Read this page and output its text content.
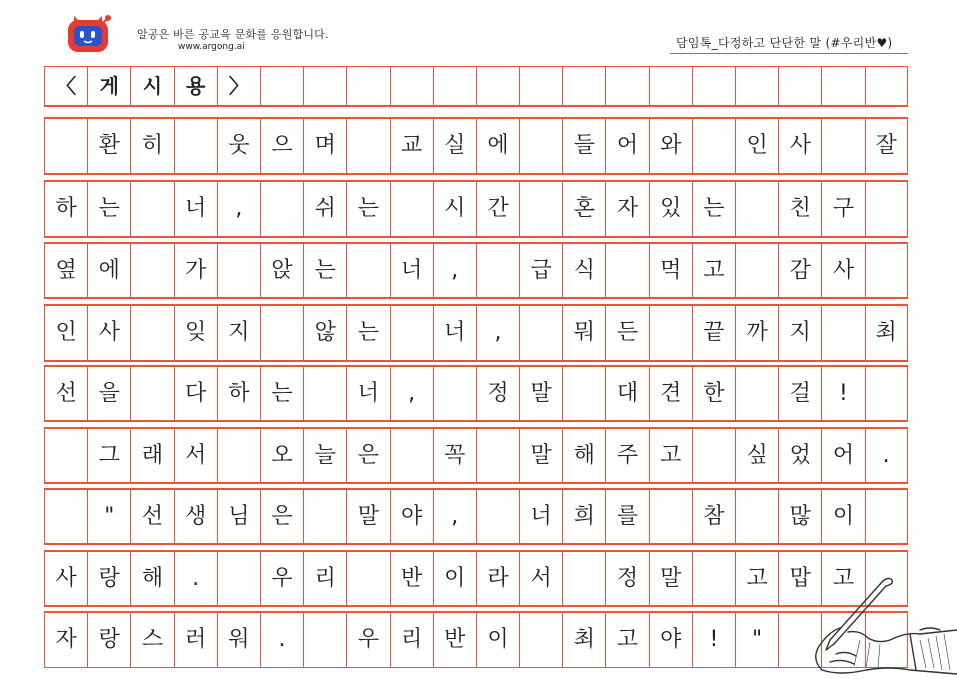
알공은 바른 공교육 문화를 응원합니다.
www.argong.ai	담임톡_다정하고 단단한 말 (#우리반♥)
〈	게	시	용	〉
환 히	웃 으 며	교 실 에	들 어 와	인 사	잘
하 는	너	,	쉬 는	시 간	혼 자 있 는	친 구
옆 에	가	앉 는	너	,	급 식	먹 고	감 사
인 사	잊 지	않 는	너	,	뭐 든	끝 까 지	최
선 을	다 하 는	너	,	정 말	대 견 한	걸	!
그 래 서	오 늘 은	꼭	말 해 주 고	싶 었 어	.
"	선 생 님 은	말 야	,	너 희 를	참	많 이
사 랑 해	.	우 리	반 이 라 서	정 말	고 맙 고
자 랑 스 러 워	.	우 리 반 이	최 고 야	!	"
